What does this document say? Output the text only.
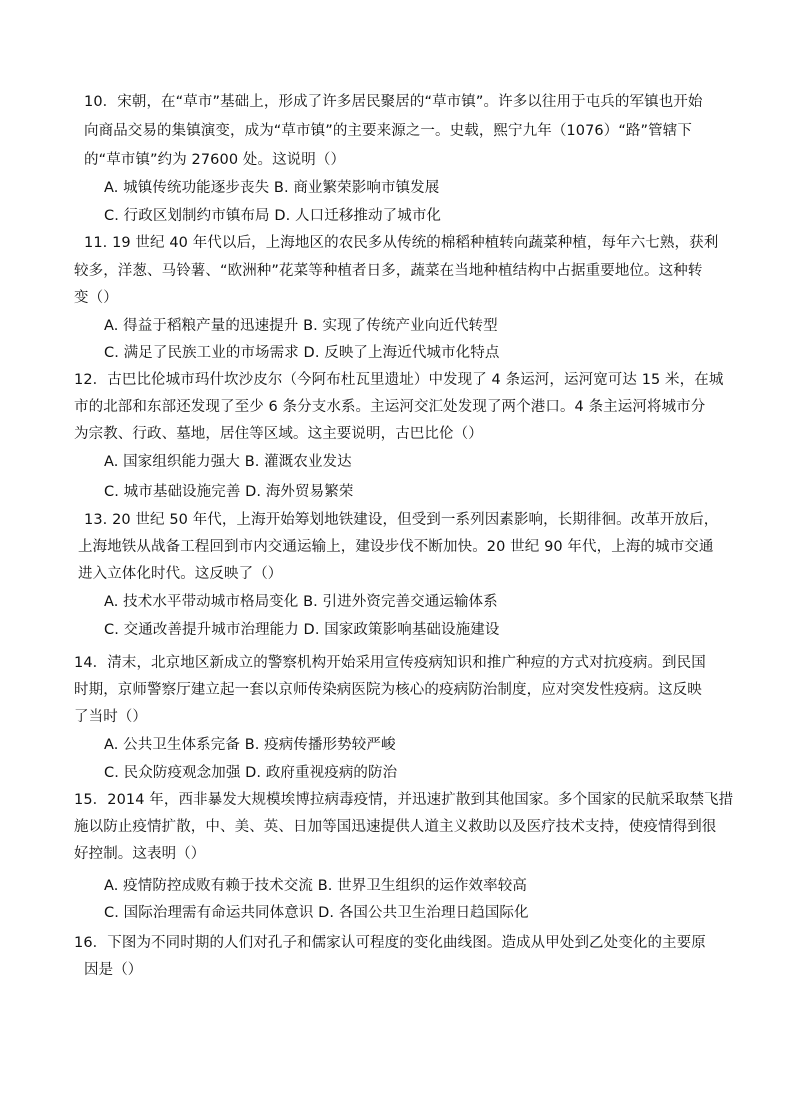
10．宋朝，在“草市”基础上，形成了许多居民聚居的“草市镇”。许多以往用于屯兵的军镇也开始
向商品交易的集镇演变，成为“草市镇”的主要来源之一。史载，熙宁九年（1076）“路”管辖下
的“草市镇”约为 27600 处。这说明（）
A. 城镇传统功能逐步丧失 B. 商业繁荣影响市镇发展
C. 行政区划制约市镇布局 D. 人口迁移推动了城市化
11. 19 世纪 40 年代以后，上海地区的农民多从传统的棉稻种植转向蔬菜种植，每年六七熟，获利
较多，洋葱、马铃薯、“欧洲种”花菜等种植者日多，蔬菜在当地种植结构中占据重要地位。这种转
变（）
A. 得益于稻粮产量的迅速提升 B. 实现了传统产业向近代转型
C. 满足了民族工业的市场需求 D. 反映了上海近代城市化特点
12．古巴比伦城市玛什坎沙皮尔（今阿布杜瓦里遗址）中发现了 4 条运河，运河宽可达 15 米，在城
市的北部和东部还发现了至少 6 条分支水系。主运河交汇处发现了两个港口。4 条主运河将城市分
为宗教、行政、墓地，居住等区域。这主要说明，古巴比伦（）
A. 国家组织能力强大 B. 灌溉农业发达
C. 城市基础设施完善 D. 海外贸易繁荣
13. 20 世纪 50 年代，上海开始筹划地铁建设，但受到一系列因素影响，长期徘徊。改革开放后，
上海地铁从战备工程回到市内交通运输上，建设步伐不断加快。20 世纪 90 年代，上海的城市交通
进入立体化时代。这反映了（）
A. 技术水平带动城市格局变化 B. 引进外资完善交通运输体系
C. 交通改善提升城市治理能力 D. 国家政策影响基础设施建设
14．清末，北京地区新成立的警察机构开始采用宣传疫病知识和推广种痘的方式对抗疫病。到民国
时期，京师警察厅建立起一套以京师传染病医院为核心的疫病防治制度，应对突发性疫病。这反映
了当时（）
A. 公共卫生体系完备 B. 疫病传播形势较严峻
C. 民众防疫观念加强 D. 政府重视疫病的防治
15．2014 年，西非暴发大规模埃博拉病毒疫情，并迅速扩散到其他国家。多个国家的民航采取禁飞措
施以防止疫情扩散，中、美、英、日加等国迅速提供人道主义救助以及医疗技术支持，使疫情得到很
好控制。这表明（）
A. 疫情防控成败有赖于技术交流 B. 世界卫生组织的运作效率较高
C. 国际治理需有命运共同体意识 D. 各国公共卫生治理日趋国际化
16．下图为不同时期的人们对孔子和儒家认可程度的变化曲线图。造成从甲处到乙处变化的主要原
因是（）
